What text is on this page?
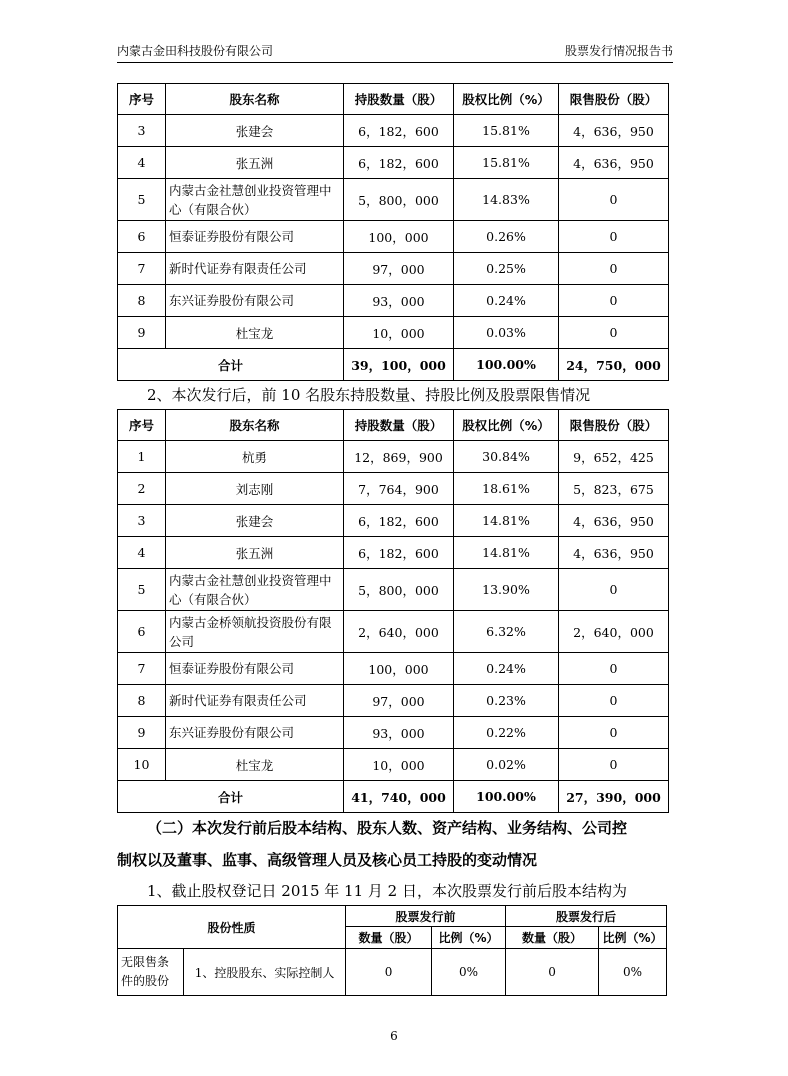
内蒙古金田科技股份有限公司	股票发行情况报告书
序号	股东名称	持股数量（股）	股权比例（%）	限售股份（股）
3	张建会	6，182，600	15.81%	4，636，950
4	张五洲	6，182，600	15.81%	4，636，950
5	内蒙古金社慧创业投资管理中心（有限合伙）	5，800，000	14.83%	0
6	恒泰证券股份有限公司	100，000	0.26%	0
7	新时代证券有限责任公司	97，000	0.25%	0
8	东兴证券股份有限公司	93，000	0.24%	0
9	杜宝龙	10，000	0.03%	0
合计		39，100，000	100.00%	24，750，000
2、本次发行后，前 10 名股东持股数量、持股比例及股票限售情况
序号	股东名称	持股数量（股）	股权比例（%）	限售股份（股）
1	杭勇	12，869，900	30.84%	9，652，425
2	刘志刚	7，764，900	18.61%	5，823，675
3	张建会	6，182，600	14.81%	4，636，950
4	张五洲	6，182，600	14.81%	4，636，950
5	内蒙古金社慧创业投资管理中心（有限合伙）	5，800，000	13.90%	0
6	内蒙古金桥领航投资股份有限公司	2，640，000	6.32%	2，640，000
7	恒泰证券股份有限公司	100，000	0.24%	0
8	新时代证券有限责任公司	97，000	0.23%	0
9	东兴证券股份有限公司	93，000	0.22%	0
10	杜宝龙	10，000	0.02%	0
合计		41，740，000	100.00%	27，390，000
（二）本次发行前后股本结构、股东人数、资产结构、业务结构、公司控
制权以及董事、监事、高级管理人员及核心员工持股的变动情况
1、截止股权登记日 2015 年 11 月 2 日，本次股票发行前后股本结构为
股份性质		股票发行前		股票发行后	
		数量（股）	比例（%）	数量（股）	比例（%）
无限售条件的股份	1、控股股东、实际控制人	0	0%	0	0%
6
